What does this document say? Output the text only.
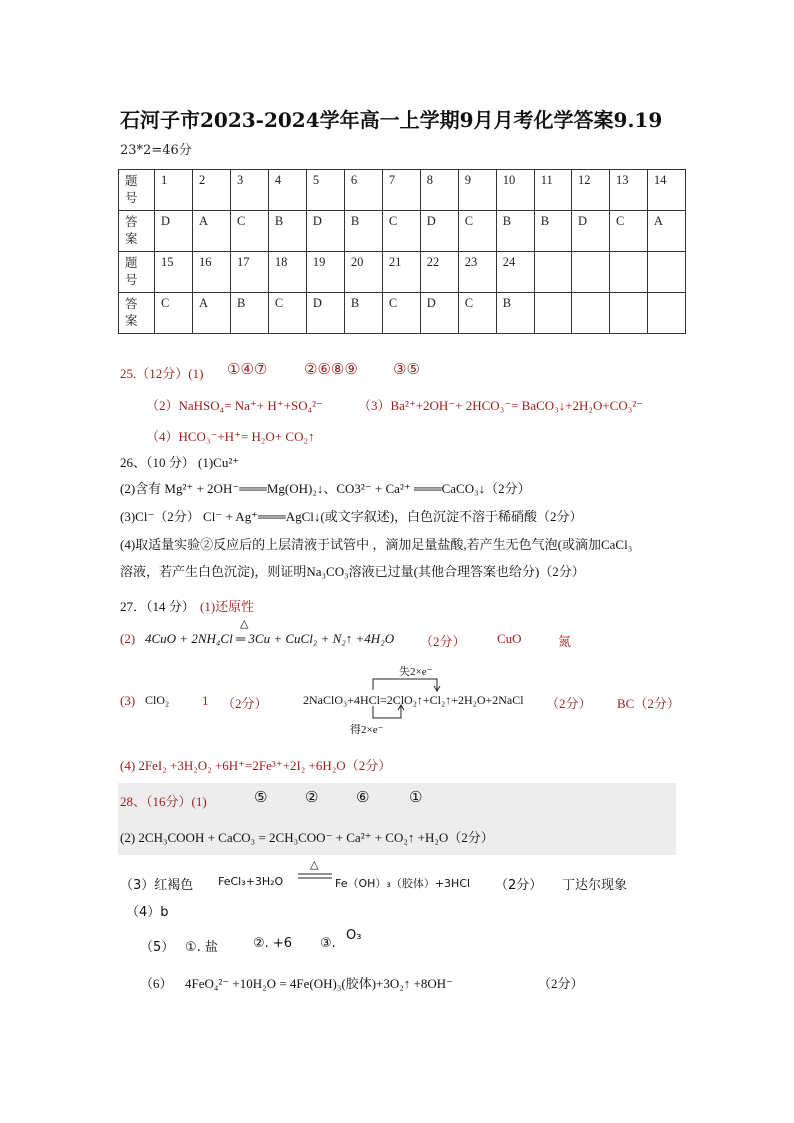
石河子市2023-2024学年高一上学期9月月考化学答案9.19
23*2=46分
题号	1	2	3	4	5	6	7	8	9	10	11	12	13	14
答案	D	A	C	B	D	B	C	D	C	B	B	D	C	A
题号	15	16	17	18	19	20	21	22	23	24				
答案	C	A	B	C	D	B	C	D	C	B				
25.（12分）(1) ①④⑦ ②⑥⑧⑨ ③⑤
（2）NaHSO₄= Na⁺+ H⁺+SO₄²⁻	（3）Ba²⁺+2OH⁻+ 2HCO₃⁻= BaCO₃↓+2H₂O+CO₃²⁻
（4）HCO₃⁻+H⁺= H₂O+ CO₂↑
26、（10 分） (1)Cu²⁺
(2)含有 Mg²⁺ + 2OH⁻═══Mg(OH)₂↓、CO3²⁻ + Ca²⁺ ═══CaCO₃↓（2分）
(3)Cl⁻（2分） Cl⁻ + Ag⁺═══AgCl↓(或文字叙述)，白色沉淀不溶于稀硝酸（2分）
(4)取适量实验②反应后的上层清液于试管中 ，滴加足量盐酸,若产生无色气泡(或滴加CaCl₃
溶液，若产生白色沉淀)，则证明Na₃CO₃溶液已过量(其他合理答案也给分)（2分）
27．（14 分） (1)还原性
(2)
△
4CuO + 2NH₄Cl ═ 3Cu + CuCl₂ + N₂↑ +4H₂O （2分） CuO	氮
(3) ClO₂	1 （2分）
失2×e⁻
2NaClO₃+4HCl=2ClO₂↑+Cl₂↑+2H₂O+2NaCl
得2×e⁻
（2分） BC（2分）
(4) 2FeI₂ +3H₂O₂ +6H⁺=2Fe³⁺+2I₂ +6H₂O（2分）
28、（16分）(1)	⑤	②	⑥	①
(2) 2CH₃COOH + CaCO₃ = 2CH₃COO⁻ + Ca²⁺ + CO₂↑ +H₂O（2分）
（3）红褐色 FeCl₃+3H₂O
△
Fe（OH）₃（胶体）+3HCl （2分） 丁达尔现象
（4）b
（5） ①. 盐	②. +6 ③.
O₃
（6） 4FeO₄²⁻ +10H₂O = 4Fe(OH)₃(胶体)+3O₂↑ +8OH⁻	（2分）
